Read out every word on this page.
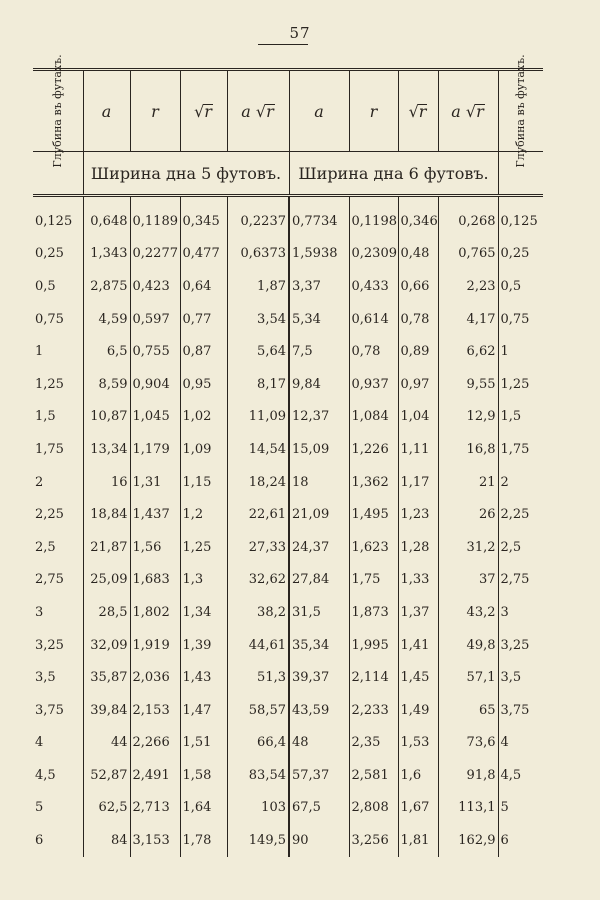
57
Глубина въ футахъ.	a	r	√r	a √r	a	r	√r	a √r	Глубина въ футахъ.

	Ширина дна 5 футовъ.				Ширина дна 6 футовъ.				
0,125	0,648	0,1189	0,345	0,2237	0,7734	0,1198	0,346	0,268	0,125
0,25	1,343	0,2277	0,477	0,6373	1,5938	0,2309	0,48	0,765	0,25
0,5	2,875	0,423	0,64	1,87	3,37	0,433	0,66	2,23	0,5
0,75	4,59	0,597	0,77	3,54	5,34	0,614	0,78	4,17	0,75
1	6,5	0,755	0,87	5,64	7,5	0,78	0,89	6,62	1
1,25	8,59	0,904	0,95	8,17	9,84	0,937	0,97	9,55	1,25
1,5	10,87	1,045	1,02	11,09	12,37	1,084	1,04	12,9	1,5
1,75	13,34	1,179	1,09	14,54	15,09	1,226	1,11	16,8	1,75
2	16	1,31	1,15	18,24	18	1,362	1,17	21	2
2,25	18,84	1,437	1,2	22,61	21,09	1,495	1,23	26	2,25
2,5	21,87	1,56	1,25	27,33	24,37	1,623	1,28	31,2	2,5
2,75	25,09	1,683	1,3	32,62	27,84	1,75	1,33	37	2,75
3	28,5	1,802	1,34	38,2	31,5	1,873	1,37	43,2	3
3,25	32,09	1,919	1,39	44,61	35,34	1,995	1,41	49,8	3,25
3,5	35,87	2,036	1,43	51,3	39,37	2,114	1,45	57,1	3,5
3,75	39,84	2,153	1,47	58,57	43,59	2,233	1,49	65	3,75
4	44	2,266	1,51	66,4	48	2,35	1,53	73,6	4
4,5	52,87	2,491	1,58	83,54	57,37	2,581	1,6	91,8	4,5
5	62,5	2,713	1,64	103	67,5	2,808	1,67	113,1	5
6	84	3,153	1,78	149,5	90	3,256	1,81	162,9	6
